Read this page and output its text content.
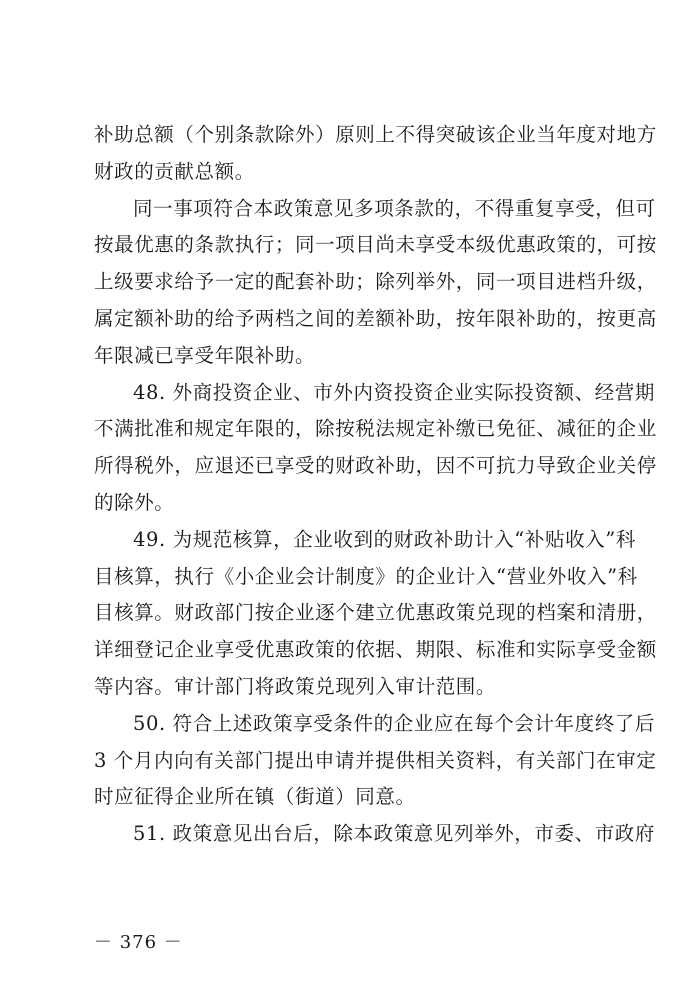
补助总额（个别条款除外）原则上不得突破该企业当年度对地方
财政的贡献总额。
同一事项符合本政策意见多项条款的，不得重复享受，但可
按最优惠的条款执行；同一项目尚未享受本级优惠政策的，可按
上级要求给予一定的配套补助；除列举外，同一项目进档升级，
属定额补助的给予两档之间的差额补助，按年限补助的，按更高
年限减已享受年限补助。
48. 外商投资企业、市外内资投资企业实际投资额、经营期
不满批准和规定年限的，除按税法规定补缴已免征、减征的企业
所得税外，应退还已享受的财政补助，因不可抗力导致企业关停
的除外。
49. 为规范核算，企业收到的财政补助计入“补贴收入”科
目核算，执行《小企业会计制度》的企业计入“营业外收入”科
目核算。财政部门按企业逐个建立优惠政策兑现的档案和清册，
详细登记企业享受优惠政策的依据、期限、标准和实际享受金额
等内容。审计部门将政策兑现列入审计范围。
50. 符合上述政策享受条件的企业应在每个会计年度终了后
3 个月内向有关部门提出申请并提供相关资料，有关部门在审定
时应征得企业所在镇（街道）同意。
51. 政策意见出台后，除本政策意见列举外，市委、市政府
－ 376 －
